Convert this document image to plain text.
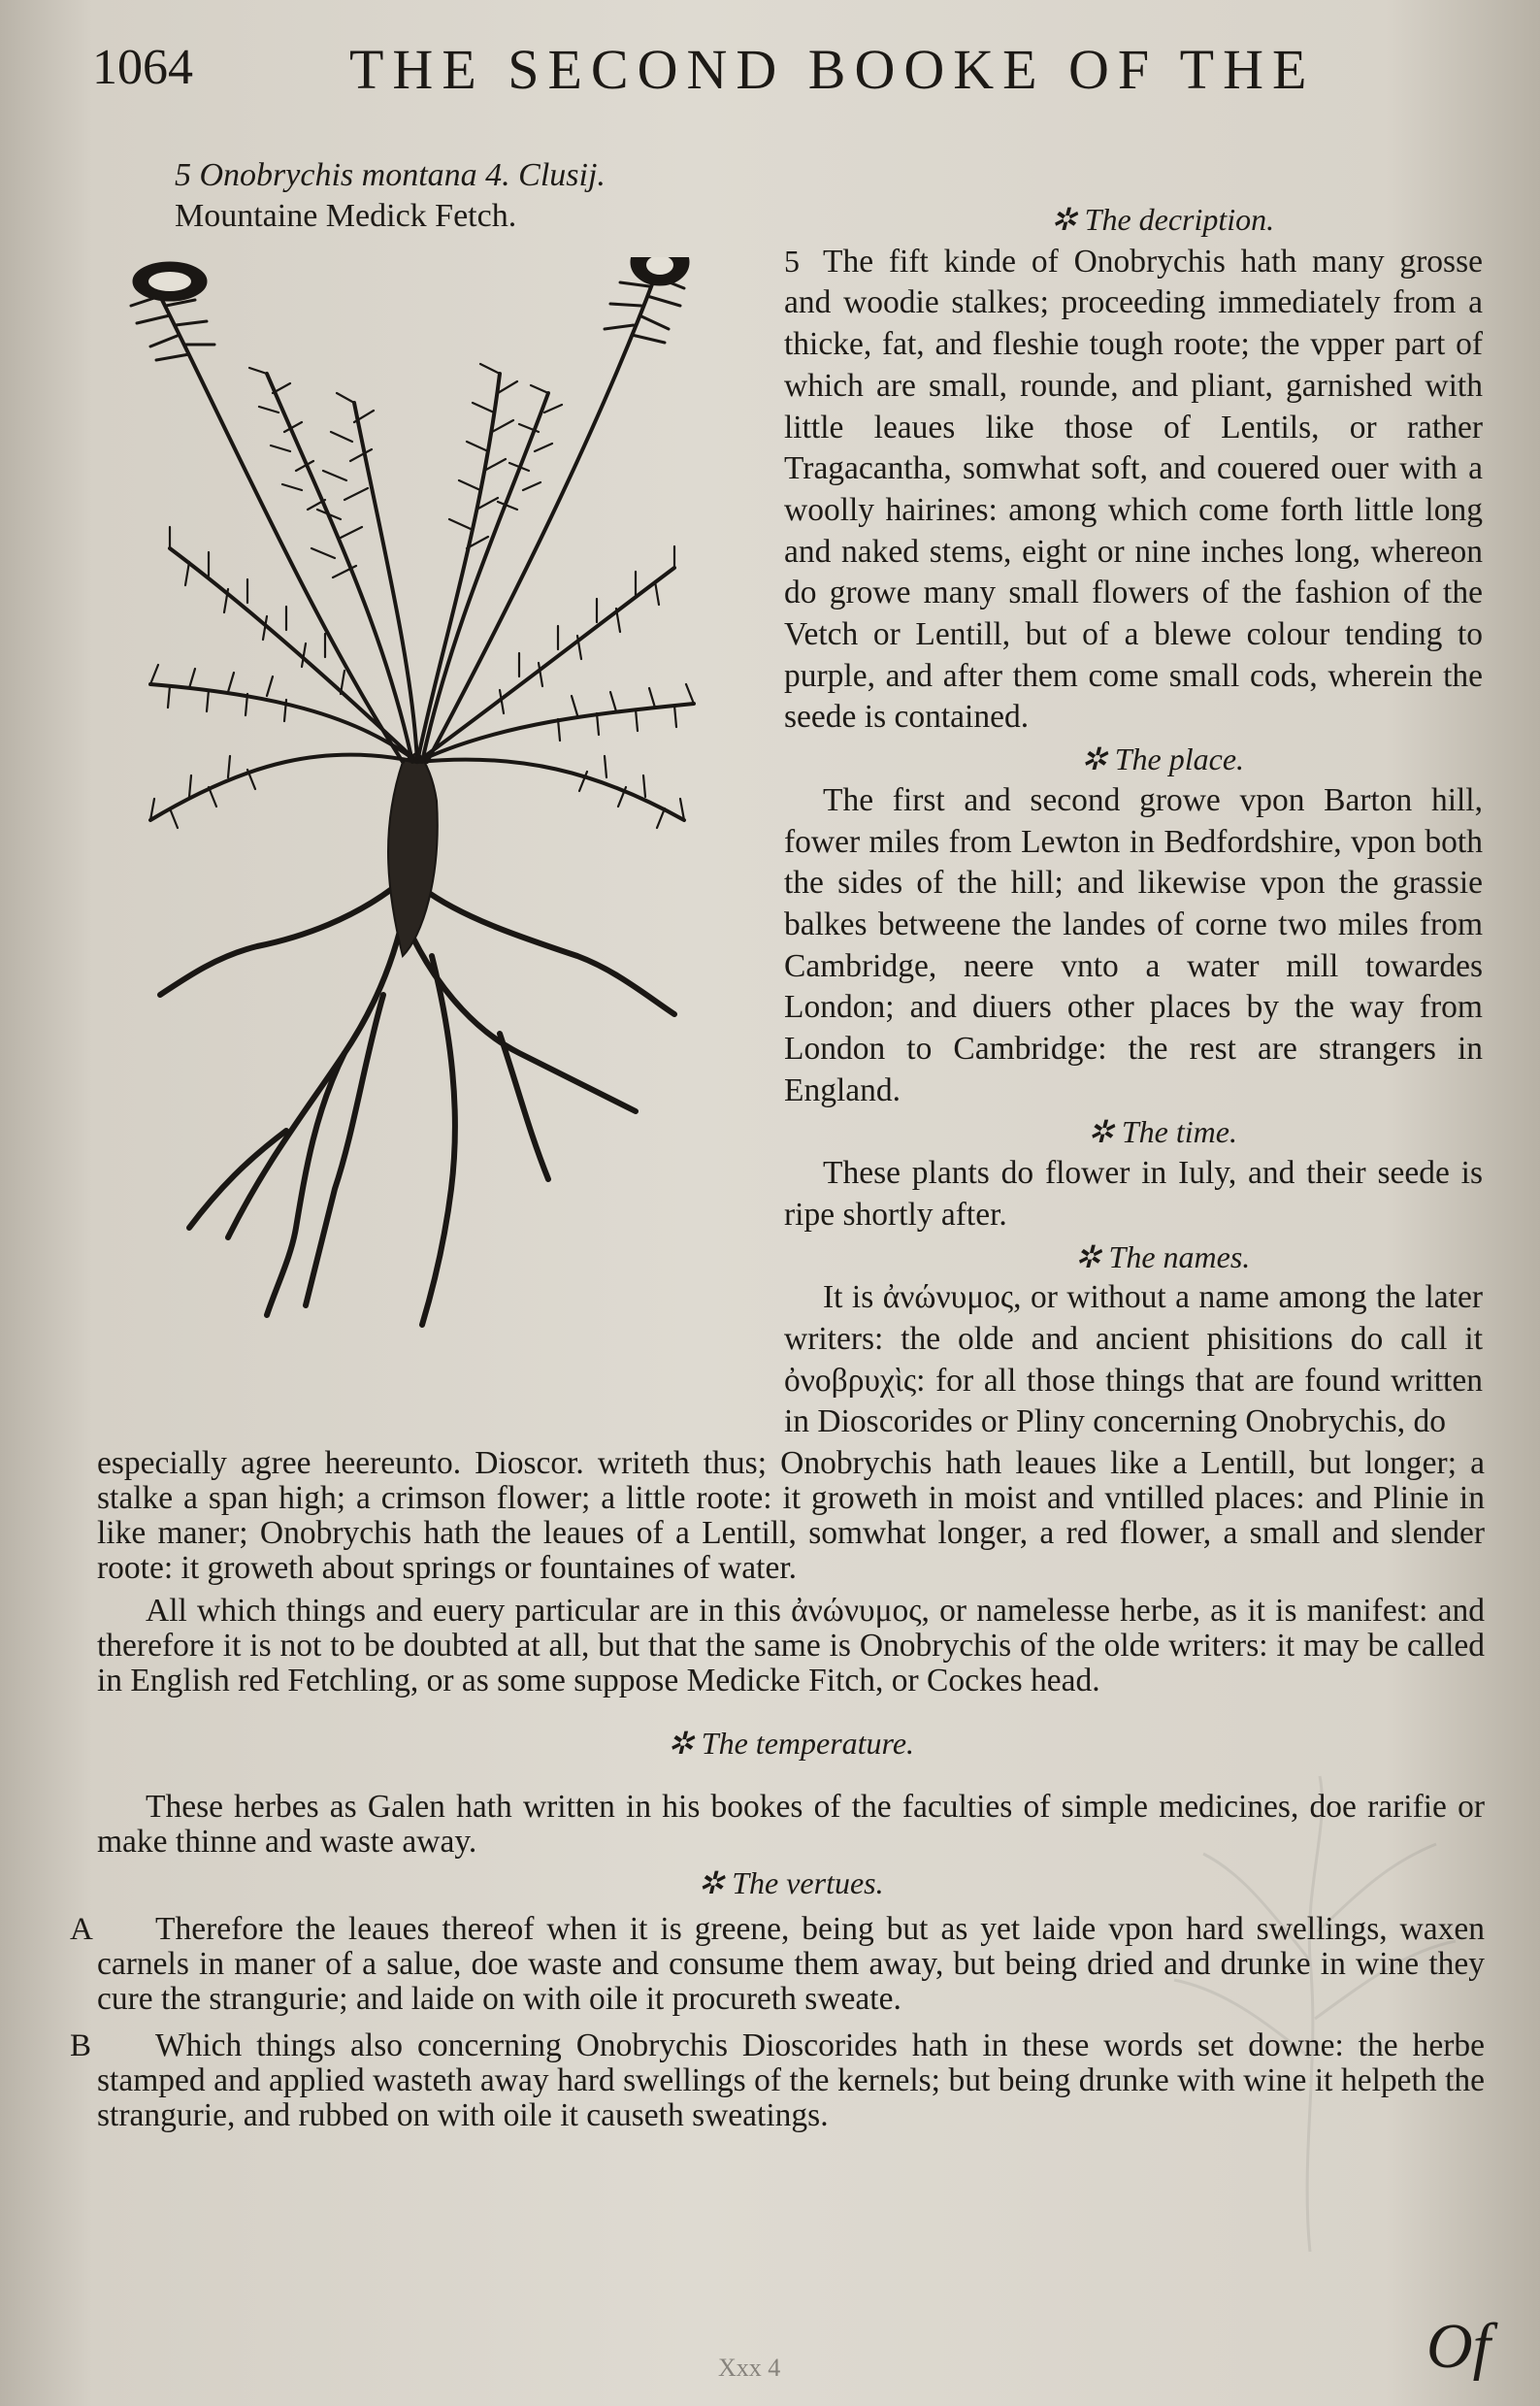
1064	THE SECOND BOOKE OF THE
5 Onobrychis montana 4. Clusij.
Mountaine Medick Fetch.	✲ The decription.

5 The fift kinde of Onobrychis hath many grosse and woodie stalkes; proceeding immediately from a thicke, fat, and fleshie tough roote; the vpper part of which are small, rounde, and pliant, garnished with little leaues like those of Lentils, or rather Tragacantha, somwhat soft, and couered ouer with a woolly hairines: among which come forth little long and naked stems, eight or nine inches long, whereon do growe many small flowers of the fashion of the Vetch or Lentill, but of a blewe colour tending to purple, and after them come small cods, wherein the seede is contained.

✲ The place.

The first and second growe vpon Barton hill, fower miles from Lewton in Bedfordshire, vpon both the sides of the hill; and likewise vpon the grassie balkes betweene the landes of corne two miles from Cambridge, neere vnto a water mill towardes London; and diuers other places by the way from London to Cambridge: the rest are strangers in England.

✲ The time.

These plants do flower in Iuly, and their seede is ripe shortly after.

✲ The names.

It is ἀνώνυμος, or without a name among the later writers: the olde and ancient phisitions do call it ὀνοβρυχὶς: for all those things that are found written in Dioscorides or Pliny concerning Onobrychis, do

especially agree heereunto. Dioscor. writeth thus; Onobrychis hath leaues like a Lentill, but longer; a stalke a span high; a crimson flower; a little roote: it groweth in moist and vntilled places: and Plinie in like maner; Onobrychis hath the leaues of a Lentill, somwhat longer, a red flower, a small and slender roote: it groweth about springs or fountaines of water.

All which things and euery particular are in this ἀνώνυμος, or namelesse herbe, as it is manifest: and therefore it is not to be doubted at all, but that the same is Onobrychis of the olde writers: it may be called in English red Fetchling, or as some suppose Medicke Fitch, or Cockes head.

✲ The temperature.

These herbes as Galen hath written in his bookes of the faculties of simple medicines, doe rarifie or make thinne and waste away.

✲ The vertues.
A	Therefore the leaues thereof when it is greene, being but as yet laide vpon hard swellings, waxen carnels in maner of a salue, doe waste and consume them away, but being dried and drunke in wine they cure the strangurie; and laide on with oile it procureth sweate.

B	Which things also concerning Onobrychis Dioscorides hath in these words set downe: the herbe stamped and applied wasteth away hard swellings of the kernels; but being drunke with wine it helpeth the strangurie, and rubbed on with oile it causeth sweatings.

Xxx 4	Of
